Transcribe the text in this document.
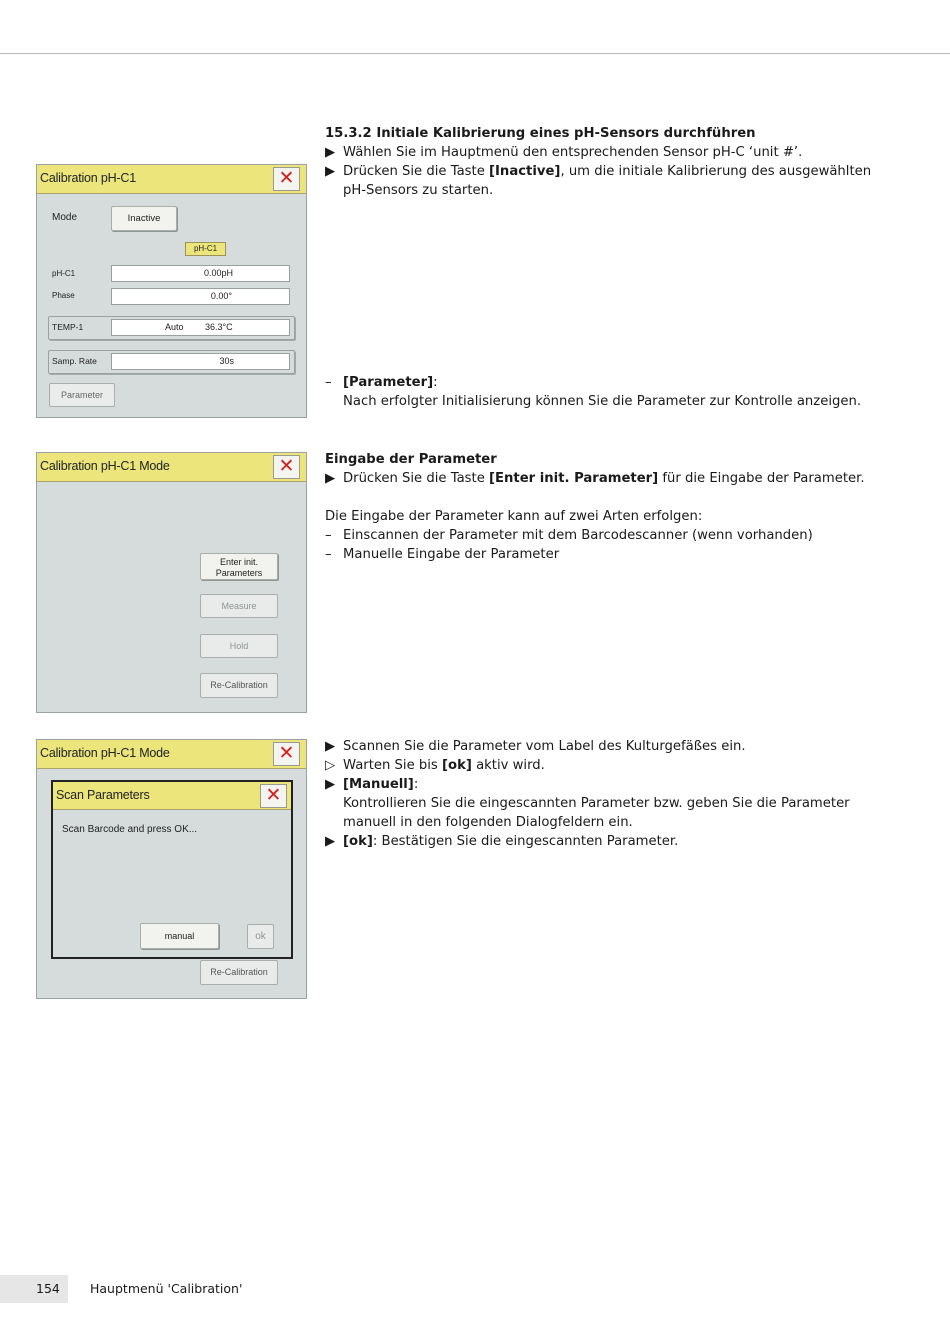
Calibration pH-C1	✕
Mode	Inactive
pH-C1
pH-C1	0.00pH
Phase	0.00°
TEMP-1	Auto 36.3°C
Samp. Rate	30s
Parameter
15.3.2 Initiale Kalibrierung eines pH-Sensors durchführen
▶ Wählen Sie im Hauptmenü den entsprechenden Sensor pH-C ‘unit #’.
▶ Drücken Sie die Taste [Inactive], um die initiale Kalibrierung des ausgewählten
pH-Sensors zu starten.
– [Parameter]:
Nach erfolgter Initialisierung können Sie die Parameter zur Kontrolle anzeigen.
Calibration pH-C1 Mode	✕
Enter init.
Parameters
Measure
Hold
Re-Calibration
Eingabe der Parameter
▶ Drücken Sie die Taste [Enter init. Parameter] für die Eingabe der Parameter.
Die Eingabe der Parameter kann auf zwei Arten erfolgen:
– Einscannen der Parameter mit dem Barcodescanner (wenn vorhanden)
– Manuelle Eingabe der Parameter
Calibration pH-C1 Mode	✕
Scan Parameters	✕
Scan Barcode and press OK...
manual	ok
Re-Calibration
▶ Scannen Sie die Parameter vom Label des Kulturgefäßes ein.
▷ Warten Sie bis [ok] aktiv wird.
▶ [Manuell]:
Kontrollieren Sie die eingescannten Parameter bzw. geben Sie die Parameter
manuell in den folgenden Dialogfeldern ein.
▶ [ok]: Bestätigen Sie die eingescannten Parameter.
154 Hauptmenü 'Calibration'
